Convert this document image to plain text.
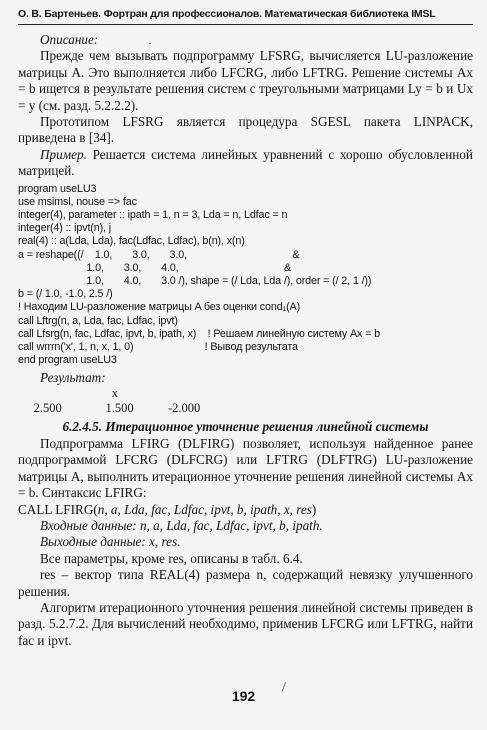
О. В. Бартеньев. Фортран для профессионалов. Математическая библиотека IMSL

Описание:

Прежде чем вызывать подпрограмму LFSRG, вычисляется LU-разложение матрицы A. Это выполняется либо LFCRG, либо LFTRG. Решение системы Ax = b ищется в результате решения систем с треугольными матрицами Ly = b и Ux = y (см. разд. 5.2.2.2).

Прототипом LFSRG является процедура SGESL пакета LINPACK, приведена в [34].

Пример. Решается система линейных уравнений с хорошо обусловленной матрицей.

program useLU3
use msimsl, nouse => fac
integer(4), parameter :: ipath = 1, n = 3, Lda = n, Ldfac = n
integer(4) :: ipvt(n), j
real(4) :: a(Lda, Lda), fac(Ldfac, Ldfac), b(n), x(n)
a = reshape((/    1.0,       3.0,       3.0,                                     &
1.0,       3.0,       4.0,                                     &
1.0,       4.0,       3.0 /), shape = (/ Lda, Lda /), order = (/ 2, 1 /))
b = (/ 1.0, -1.0, 2.5 /)
! Находим LU-разложение матрицы A без оценки cond₁(A)
call Lftrg(n, a, Lda, fac, Ldfac, ipvt)
call Lfsrg(n, fac, Ldfac, ipvt, b, ipath, x)    ! Решаем линейную систему Ax = b
call wrrrn('x', 1, n, x, 1, 0)                         ! Вывод результата
end program useLU3

Результат:

x
2.500              1.500           -2.000
6.2.4.5. Итерационное уточнение решения линейной системы

Подпрограмма LFIRG (DLFIRG) позволяет, используя найденное ранее подпрограммой LFCRG (DLFCRG) или LFTRG (DLFTRG) LU-разложение матрицы A, выполнить итерационное уточнение решения линейной системы Ax = b. Синтаксис LFIRG:

CALL LFIRG(n, a, Lda, fac, Ldfac, ipvt, b, ipath, x, res)

Входные данные: n, a, Lda, fac, Ldfac, ipvt, b, ipath.

Выходные данные: x, res.

Все параметры, кроме res, описаны в табл. 6.4.

res – вектор типа REAL(4) размера n, содержащий невязку улучшенного решения.

Алгоритм итерационного уточнения решения линейной системы приведен в разд. 5.2.7.2. Для вычислений необходимо, применив LFCRG или LFTRG, найти fac и ipvt.

·
/
192
